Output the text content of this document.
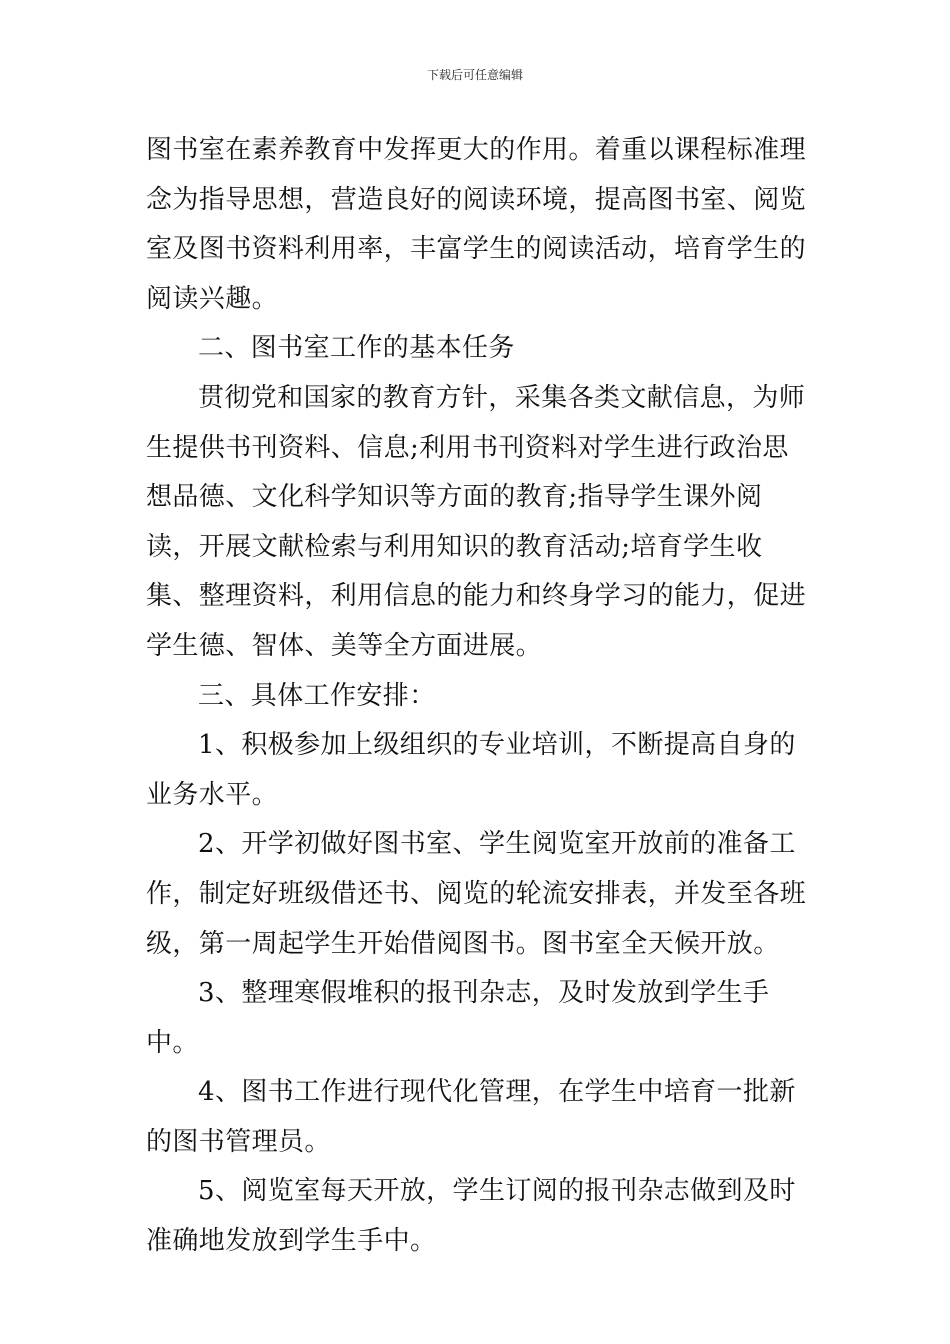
下载后可任意编辑

图书室在素养教育中发挥更大的作用。着重以课程标准理念为指导思想，营造良好的阅读环境，提高图书室、阅览室及图书资料利用率，丰富学生的阅读活动，培育学生的阅读兴趣。

二、图书室工作的基本任务

贯彻党和国家的教育方针，采集各类文献信息，为师生提供书刊资料、信息;利用书刊资料对学生进行政治思想品德、文化科学知识等方面的教育;指导学生课外阅读，开展文献检索与利用知识的教育活动;培育学生收集、整理资料，利用信息的能力和终身学习的能力，促进学生德、智体、美等全方面进展。

三、具体工作安排：

1、积极参加上级组织的专业培训，不断提高自身的业务水平。

2、开学初做好图书室、学生阅览室开放前的准备工作，制定好班级借还书、阅览的轮流安排表，并发至各班级，第一周起学生开始借阅图书。图书室全天候开放。

3、整理寒假堆积的报刊杂志，及时发放到学生手中。

4、图书工作进行现代化管理，在学生中培育一批新的图书管理员。

5、阅览室每天开放，学生订阅的报刊杂志做到及时准确地发放到学生手中。
